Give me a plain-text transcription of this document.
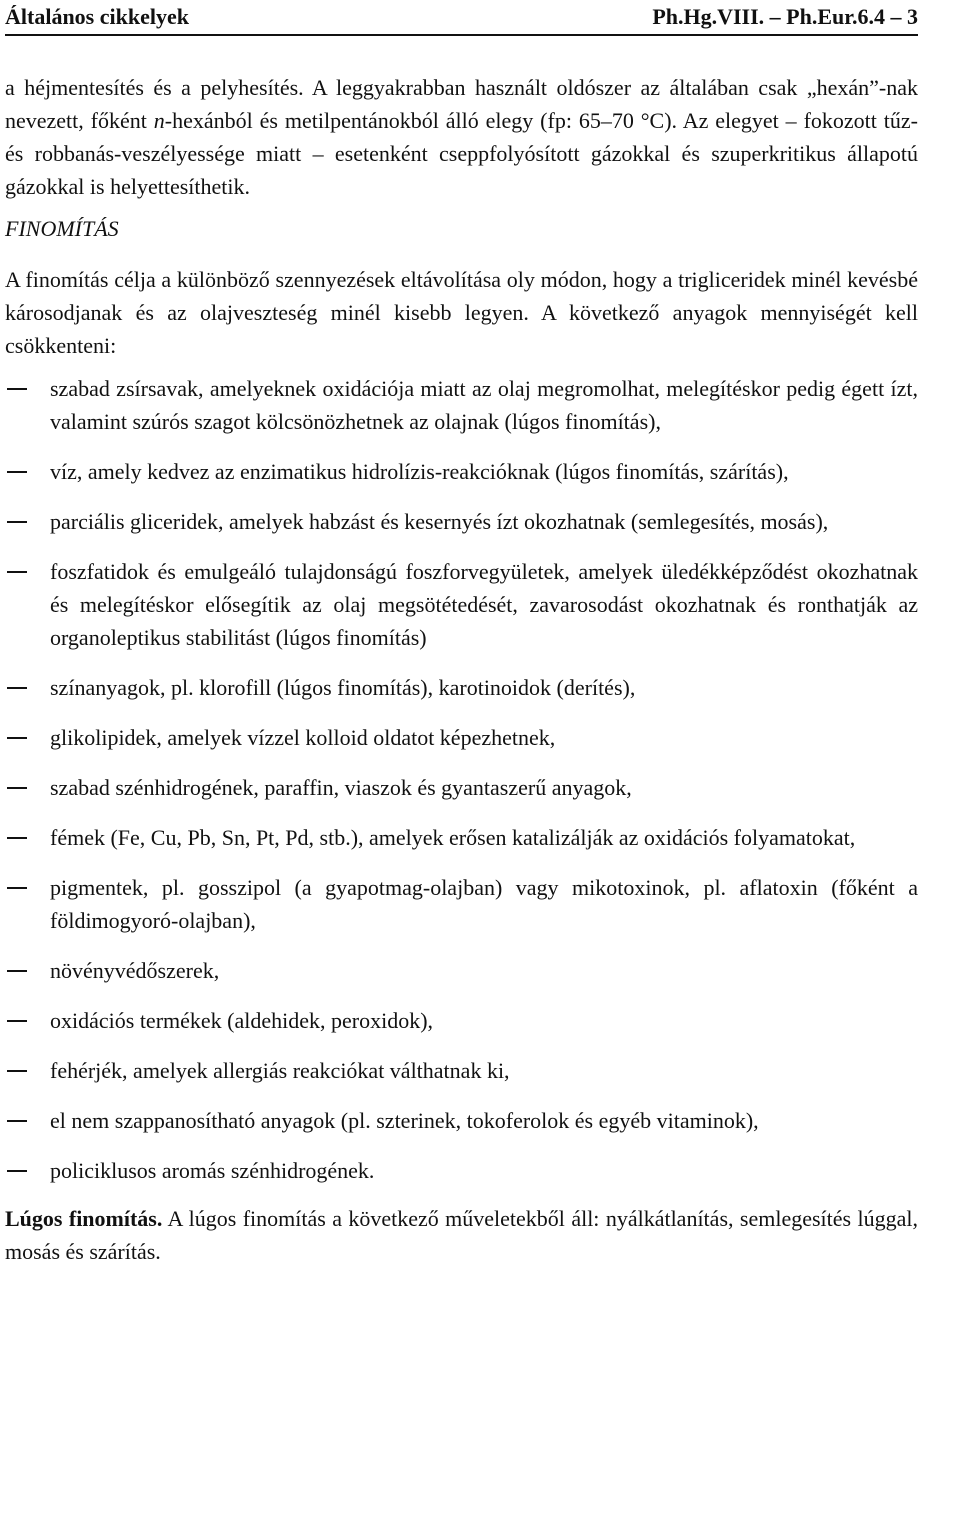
Általános cikkelyek	Ph.Hg.VIII. – Ph.Eur.6.4 – 3

a héjmentesítés és a pelyhesítés. A leggyakrabban használt oldószer az általában csak „hexán”-nak nevezett, főként n-hexánból és metilpentánokból álló elegy (fp: 65–70 °C). Az elegyet – fokozott tűz- és robbanás-veszélyessége miatt – esetenként cseppfolyósított gázokkal és szuperkritikus állapotú gázokkal is helyettesíthetik.

FINOMÍTÁS

A finomítás célja a különböző szennyezések eltávolítása oly módon, hogy a trigliceridek minél kevésbé károsodjanak és az olajveszteség minél kisebb legyen. A következő anyagok mennyiségét kell csökkenteni:

szabad zsírsavak, amelyeknek oxidációja miatt az olaj megromolhat, melegítéskor pedig égett ízt, valamint szúrós szagot kölcsönözhetnek az olajnak (lúgos finomítás),
víz, amely kedvez az enzimatikus hidrolízis-reakcióknak (lúgos finomítás, szárítás),
parciális gliceridek, amelyek habzást és kesernyés ízt okozhatnak (semlegesítés, mosás),
foszfatidok és emulgeáló tulajdonságú foszforvegyületek, amelyek üledékképződést okozhatnak és melegítéskor elősegítik az olaj megsötétedését, zavarosodást okozhatnak és ronthatják az organoleptikus stabilitást (lúgos finomítás)
színanyagok, pl. klorofill (lúgos finomítás), karotinoidok (derítés),
glikolipidek, amelyek vízzel kolloid oldatot képezhetnek,
szabad szénhidrogének, paraffin, viaszok és gyantaszerű anyagok,
fémek (Fe, Cu, Pb, Sn, Pt, Pd, stb.), amelyek erősen katalizálják az oxidációs folyamatokat,
pigmentek, pl. gosszipol (a gyapotmag-olajban) vagy mikotoxinok, pl. aflatoxin (főként a földimogyoró-olajban),
növényvédőszerek,
oxidációs termékek (aldehidek, peroxidok),
fehérjék, amelyek allergiás reakciókat válthatnak ki,
el nem szappanosítható anyagok (pl. szterinek, tokoferolok és egyéb vitaminok),
policiklusos aromás szénhidrogének.

Lúgos finomítás. A lúgos finomítás a következő műveletekből áll: nyálkátlanítás, semlegesítés lúggal, mosás és szárítás.
